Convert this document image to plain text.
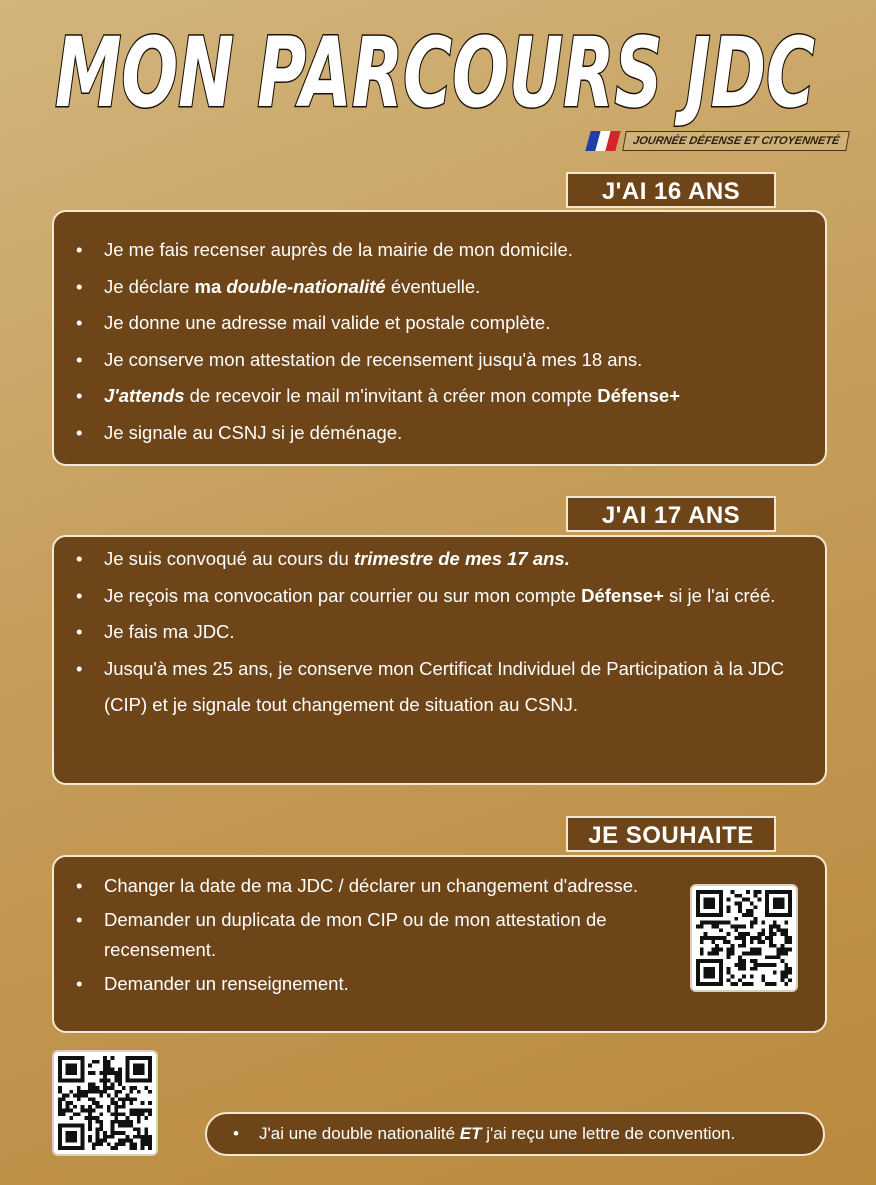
MON PARCOURS JDC
JOURNÉE DÉFENSE ET CITOYENNETÉ
J'AI 16 ANS
• Je me fais recenser auprès de la mairie de mon domicile.
• Je déclare ma double-nationalité éventuelle.
• Je donne une adresse mail valide et postale complète.
• Je conserve mon attestation de recensement jusqu'à mes 18 ans.
• J'attends de recevoir le mail m'invitant à créer mon compte Défense+
• Je signale au CSNJ si je déménage.
J'AI 17 ANS
• Je suis convoqué au cours du trimestre de mes 17 ans.
• Je reçois ma convocation par courrier ou sur mon compte Défense+ si je l'ai créé.
• Je fais ma JDC.
• Jusqu'à mes 25 ans, je conserve mon Certificat Individuel de Participation à la JDC (CIP) et je signale tout changement de situation au CSNJ.
JE SOUHAITE
• Changer la date de ma JDC / déclarer un changement d'adresse.
• Demander un duplicata de mon CIP ou de mon attestation de recensement.
• Demander un renseignement.
• J'ai une double nationalité ET j'ai reçu une lettre de convention.
